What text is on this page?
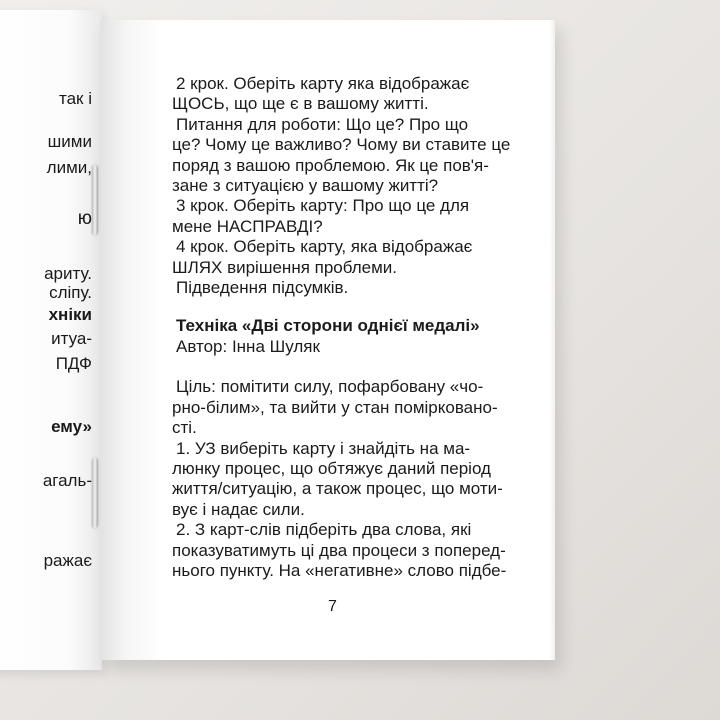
так і
шими
лими,
ю
ариту.
сліпу.
хніки
итуа-
ПДФ
ему»
агаль-
ражає
2 крок. Оберіть карту яка відображає
ЩОСЬ, що ще є в вашому житті.
Питання для роботи: Що це? Про що
це? Чому це важливо? Чому ви ставите це
поряд з вашою проблемою. Як це пов'я-
зане з ситуацією у вашому житті?
3 крок. Оберіть карту: Про що це для
мене НАСПРАВДІ?
4 крок. Оберіть карту, яка відображає
ШЛЯХ вирішення проблеми.
Підведення підсумків.
Техніка «Дві сторони однієї медалі»
Автор: Інна Шуляк
Ціль: помітити силу, пофарбовану «чо-
рно-білим», та вийти у стан помірковано-
сті.
1. УЗ виберіть карту і знайдіть на ма-
люнку процес, що обтяжує даний період
життя/ситуацію, а також процес, що моти-
вує і надає сили.
2. З карт-слів підберіть два слова, які
показуватимуть ці два процеси з поперед-
нього пункту. На «негативне» слово підбе-
7
